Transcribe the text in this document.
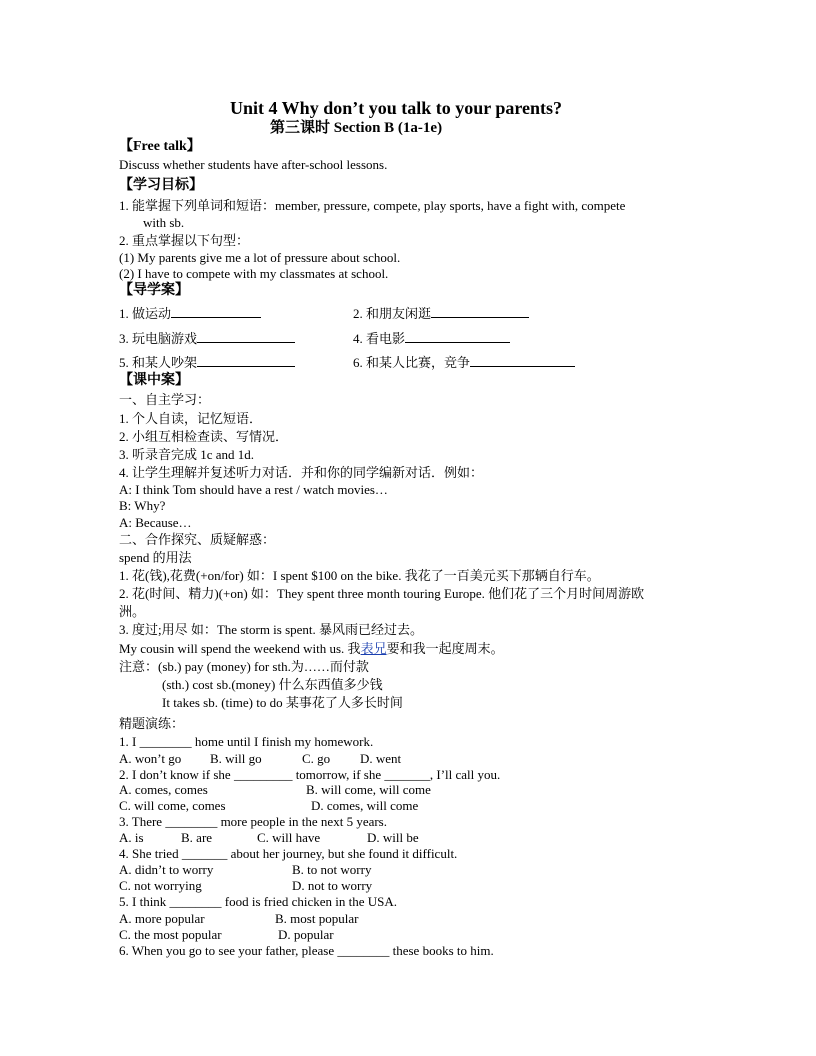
Unit 4 Why don’t you talk to your parents?
第三课时 Section B (1a-1e)
【Free talk】
Discuss whether students have after-school lessons.
【学习目标】
1. 能掌握下列单词和短语：member, pressure, compete, play sports, have a fight with, compete
with sb.
2. 重点掌握以下句型：
(1) My parents give me a lot of pressure about school.
(2) I have to compete with my classmates at school.
【导学案】
1. 做运动	2. 和朋友闲逛
3. 玩电脑游戏	4. 看电影
5. 和某人吵架	6. 和某人比赛，竞争
【课中案】
一、自主学习：
1. 个人自读，记忆短语．
2. 小组互相检查读、写情况．
3. 听录音完成 1c and 1d.
4. 让学生理解并复述听力对话．并和你的同学编新对话．例如：
A: I think Tom should have a rest / watch movies…
B: Why?
A: Because…
二、合作探究、质疑解惑：
spend 的用法
1. 花(钱),花费(+on/for) 如：I spent $100 on the bike. 我花了一百美元买下那辆自行车。
2. 花(时间、精力)(+on) 如：They spent three month touring Europe. 他们花了三个月时间周游欧
洲。
3. 度过;用尽 如：The storm is spent. 暴风雨已经过去。
My cousin will spend the weekend with us. 我表兄要和我一起度周末。
注意：(sb.) pay (money) for sth.为……而付款
(sth.) cost sb.(money) 什么东西值多少钱
It takes sb. (time) to do 某事花了人多长时间
精题演练：
1. I ________ home until I finish my homework.
A. won’t go B. will go	C. go D. went
2. I don’t know if she _________ tomorrow, if she _______, I’ll call you.
A. comes, comes	B. will come, will come
C. will come, comes	D. comes, will come
3. There ________ more people in the next 5 years.
A. is	B. are	C. will have	D. will be
4. She tried _______ about her journey, but she found it difficult.
A. didn’t to worry	B. to not worry
C. not worrying	D. not to worry
5. I think ________ food is fried chicken in the USA.
A. more popular	B. most popular
C. the most popular	D. popular
6. When you go to see your father, please ________ these books to him.
